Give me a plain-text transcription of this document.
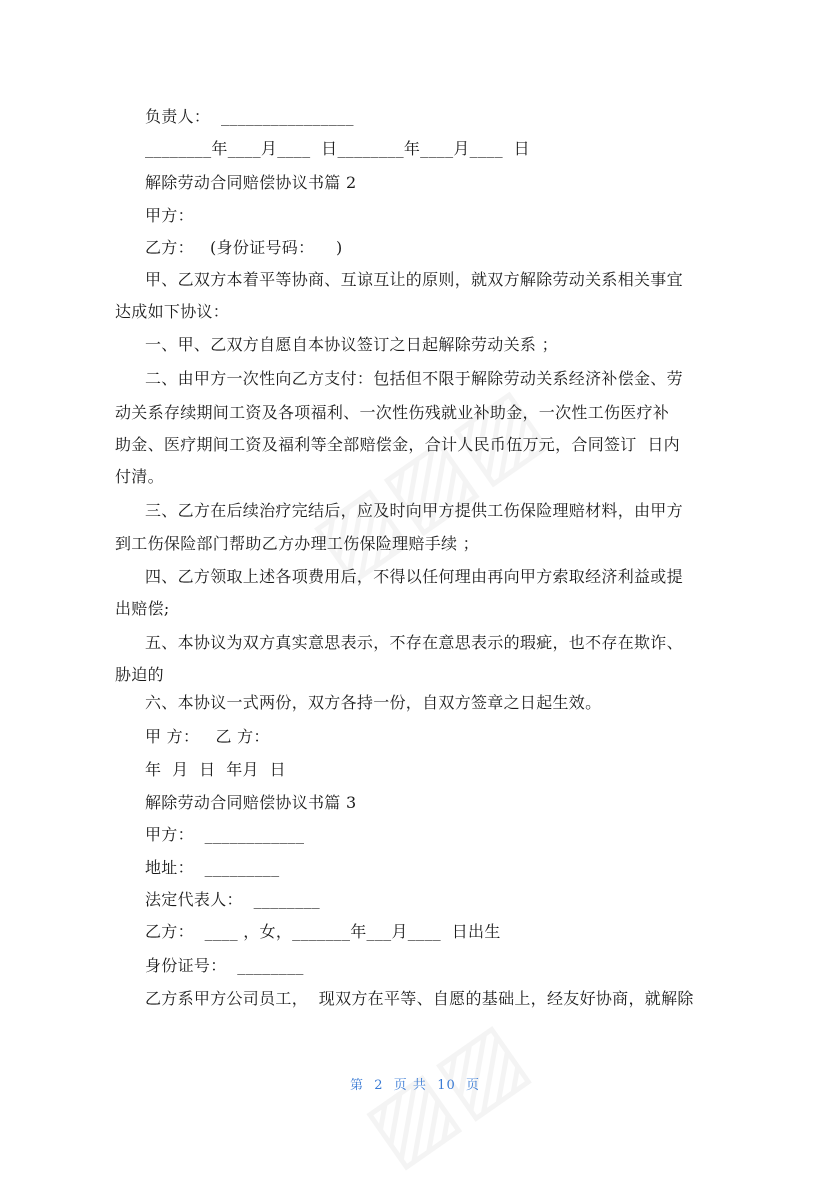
负责人：  ________________
________年____月____  日________年____月____  日
解除劳动合同赔偿协议书篇 2
甲方：
乙方：   (身份证号码：    )
甲、乙双方本着平等协商、互谅互让的原则，就双方解除劳动关系相关事宜
达成如下协议：
一、甲、乙双方自愿自本协议签订之日起解除劳动关系 ；
二、由甲方一次性向乙方支付：包括但不限于解除劳动关系经济补偿金、劳
动关系存续期间工资及各项福利、一次性伤残就业补助金，一次性工伤医疗补
助金、医疗期间工资及福利等全部赔偿金，合计人民币伍万元，合同签订  日内
付清。
三、乙方在后续治疗完结后，应及时向甲方提供工伤保险理赔材料，由甲方
到工伤保险部门帮助乙方办理工伤保险理赔手续 ；
四、乙方领取上述各项费用后，不得以任何理由再向甲方索取经济利益或提
出赔偿;
五、本协议为双方真实意思表示，不存在意思表示的瑕疵，也不存在欺诈、
胁迫的
六、本协议一式两份，双方各持一份，自双方签章之日起生效。
甲 方：   乙 方：
年  月  日  年月  日
解除劳动合同赔偿协议书篇 3
甲方：  ____________
地址：  _________
法定代表人：  ________
乙方：  ____ ，女，_______年___月____  日出生
身份证号：  ________
乙方系甲方公司员工，  现双方在平等、自愿的基础上，经友好协商，就解除
第 2 页 共 10 页
